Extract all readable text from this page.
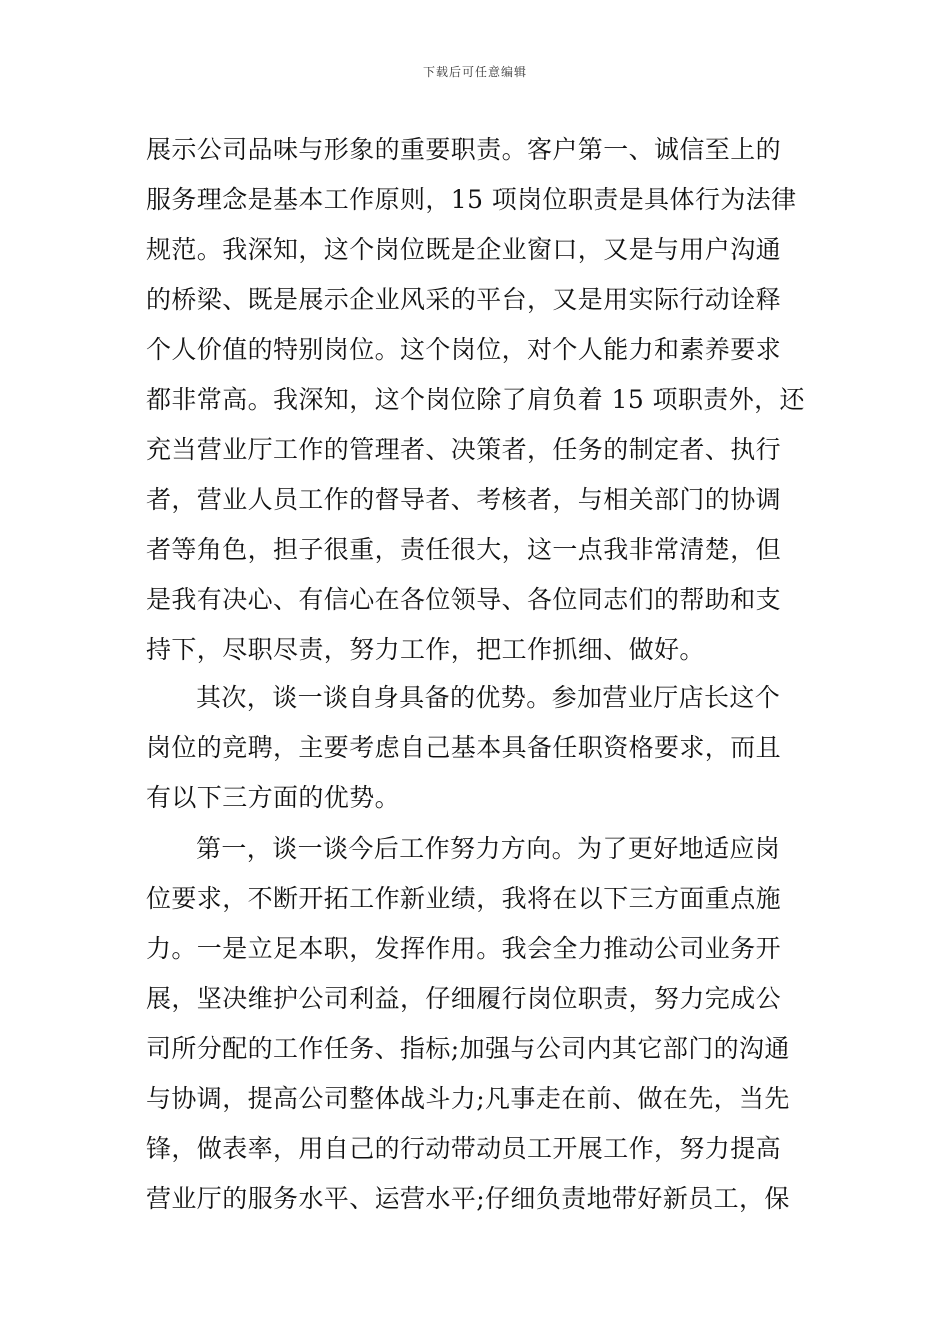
下载后可任意编辑
展示公司品味与形象的重要职责。客户第一、诚信至上的
服务理念是基本工作原则，15 项岗位职责是具体行为法律
规范。我深知，这个岗位既是企业窗口，又是与用户沟通
的桥梁、既是展示企业风采的平台，又是用实际行动诠释
个人价值的特别岗位。这个岗位，对个人能力和素养要求
都非常高。我深知，这个岗位除了肩负着 15 项职责外，还
充当营业厅工作的管理者、决策者，任务的制定者、执行
者，营业人员工作的督导者、考核者，与相关部门的协调
者等角色，担子很重，责任很大，这一点我非常清楚，但
是我有决心、有信心在各位领导、各位同志们的帮助和支
持下，尽职尽责，努力工作，把工作抓细、做好。
其次，谈一谈自身具备的优势。参加营业厅店长这个
岗位的竞聘，主要考虑自己基本具备任职资格要求，而且
有以下三方面的优势。
第一，谈一谈今后工作努力方向。为了更好地适应岗
位要求，不断开拓工作新业绩，我将在以下三方面重点施
力。一是立足本职，发挥作用。我会全力推动公司业务开
展，坚决维护公司利益，仔细履行岗位职责，努力完成公
司所分配的工作任务、指标;加强与公司内其它部门的沟通
与协调，提高公司整体战斗力;凡事走在前、做在先，当先
锋，做表率，用自己的行动带动员工开展工作，努力提高
营业厅的服务水平、运营水平;仔细负责地带好新员工，保
